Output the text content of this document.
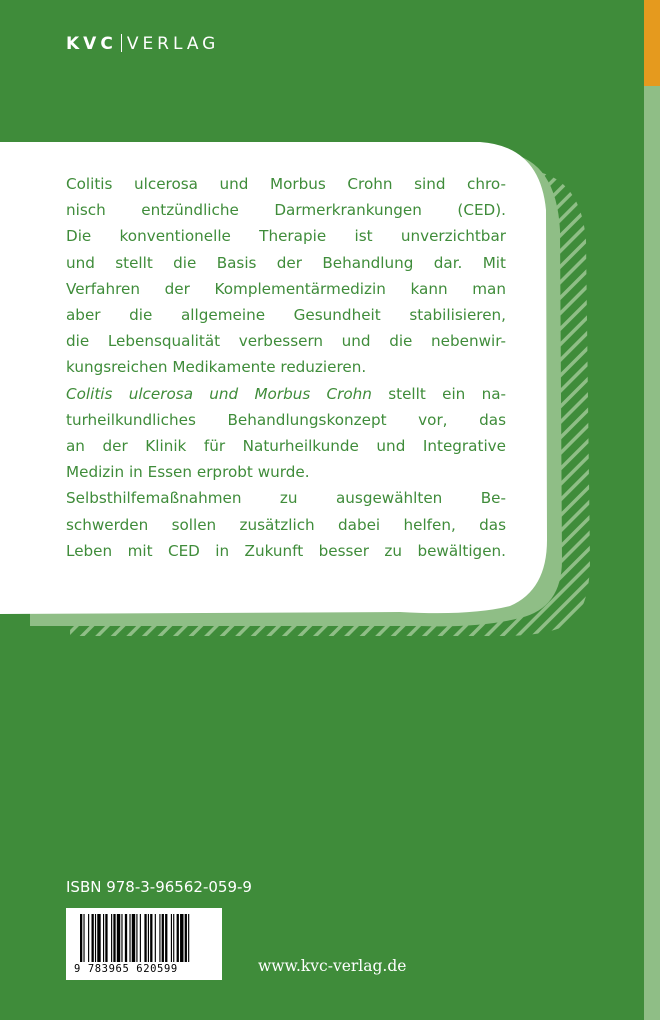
KVC VERLAG
Colitis ulcerosa und Morbus Crohn sind chro-
nisch entzündliche Darmerkrankungen (CED).
Die konventionelle Therapie ist unverzichtbar
und stellt die Basis der Behandlung dar. Mit
Verfahren der Komplementärmedizin kann man
aber die allgemeine Gesundheit stabilisieren,
die Lebensqualität verbessern und die nebenwir-
kungsreichen Medikamente reduzieren.
Colitis ulcerosa und Morbus Crohn stellt ein na-
turheilkundliches Behandlungskonzept vor, das
an der Klinik für Naturheilkunde und Integrative
Medizin in Essen erprobt wurde.
Selbsthilfemaßnahmen zu ausgewählten Be-
schwerden sollen zusätzlich dabei helfen, das
Leben mit CED in Zukunft besser zu bewältigen.
ISBN 978-3-96562-059-9
9 783965 620599	www.kvc-verlag.de
